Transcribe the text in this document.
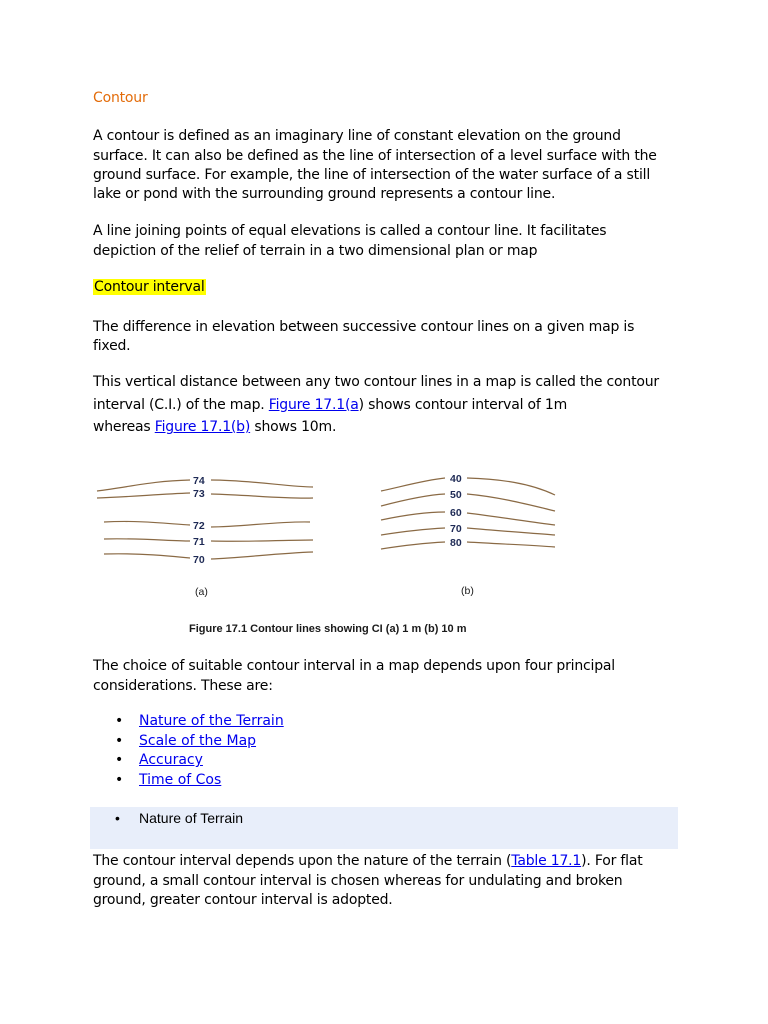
Contour
A contour is defined as an imaginary line of constant elevation on the ground
surface. It can also be defined as the line of intersection of a level surface with the
ground surface. For example, the line of intersection of the water surface of a still
lake or pond with the surrounding ground represents a contour line.
A line joining points of equal elevations is called a contour line. It facilitates
depiction of the relief of terrain in a two dimensional plan or map
Contour interval
The difference in elevation between successive contour lines on a given map is
fixed.
This vertical distance between any two contour lines in a map is called the contour
interval (C.I.) of the map. Figure 17.1(a) shows contour interval of 1m
whereas Figure 17.1(b) shows 10m.
74
73
72
71
70
40
50
60
70
80
(a)	(b)
Figure 17.1 Contour lines showing CI (a) 1 m (b) 10 m
The choice of suitable contour interval in a map depends upon four principal
considerations. These are:
• Nature of the Terrain
• Scale of the Map
• Accuracy
• Time of Cos
• Nature of Terrain
The contour interval depends upon the nature of the terrain (Table 17.1). For flat
ground, a small contour interval is chosen whereas for undulating and broken
ground, greater contour interval is adopted.
